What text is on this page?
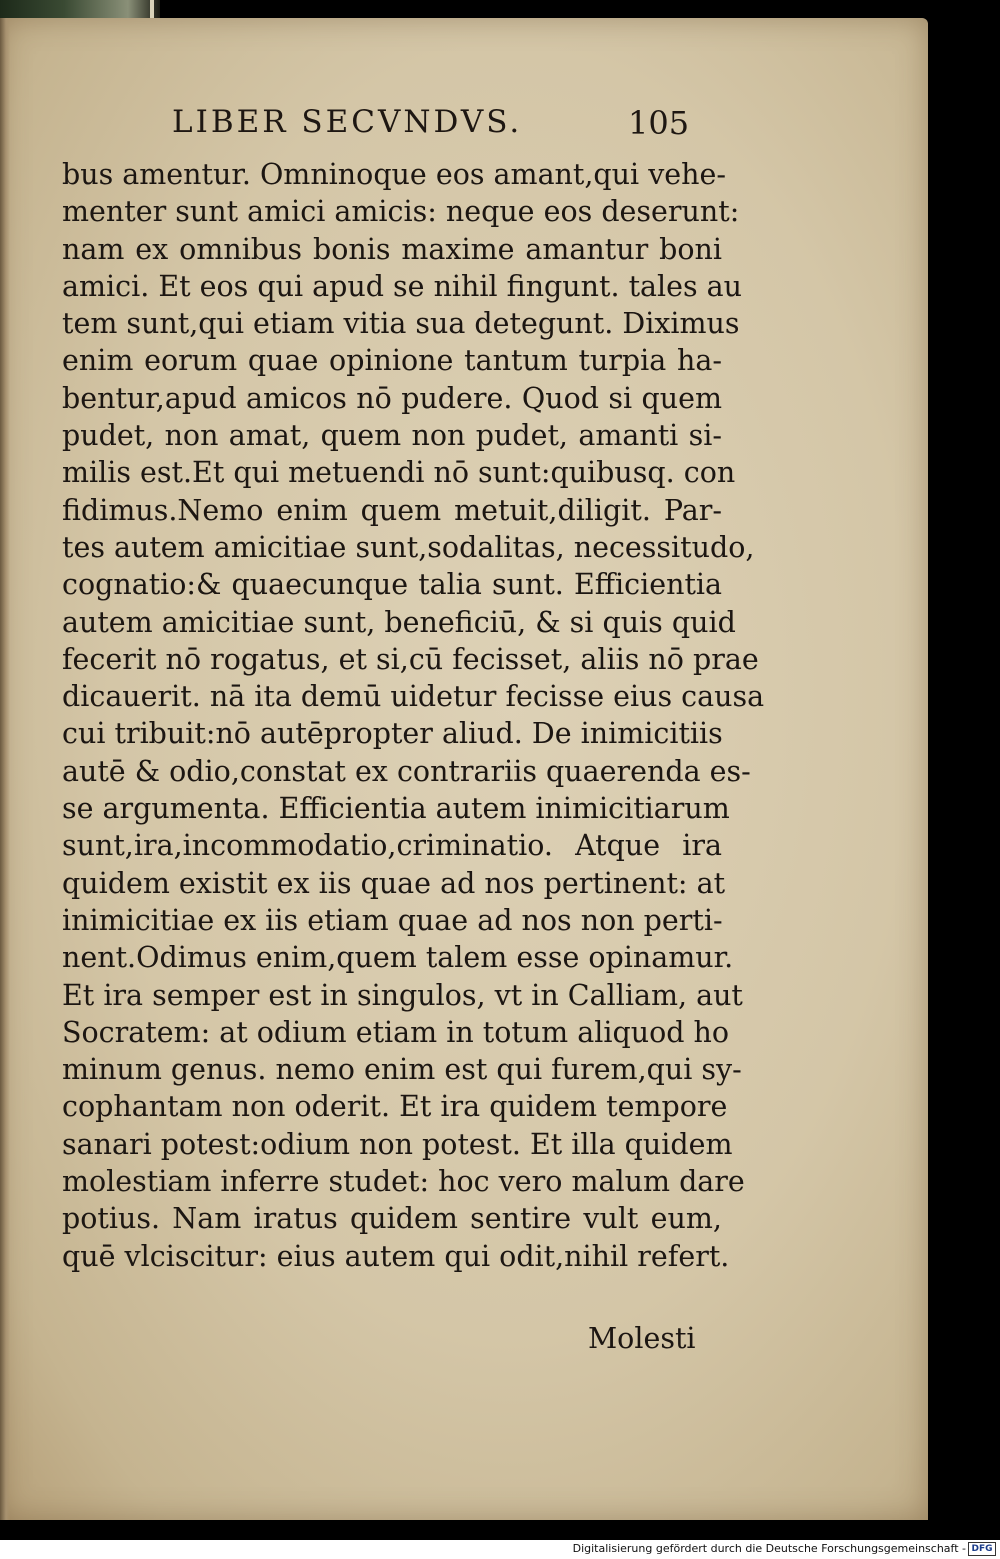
LIBER SECVNDVS.	105
bus amentur. Omninoque eos amant,qui vehe-
menter sunt amici amicis: neque eos deserunt:
nam ex omnibus bonis maxime amantur boni
amici. Et eos qui apud se nihil fingunt. tales au
tem sunt,qui etiam vitia sua detegunt. Diximus
enim eorum quae opinione tantum turpia ha-
bentur,apud amicos nō pudere. Quod si quem
pudet, non amat, quem non pudet, amanti si-
milis est.Et qui metuendi nō sunt:quibusq. con
fidimus.Nemo enim quem metuit,diligit. Par-
tes autem amicitiae sunt,sodalitas, necessitudo,
cognatio:& quaecunque talia sunt. Efficientia
autem amicitiae sunt, beneficiū, & si quis quid
fecerit nō rogatus, et si,cū fecisset, aliis nō prae
dicauerit. nā ita demū uidetur fecisse eius causa
cui tribuit:nō autēpropter aliud. De inimicitiis
autē & odio,constat ex contrariis quaerenda es-
se argumenta. Efficientia autem inimicitiarum
sunt,ira,incommodatio,criminatio. Atque ira
quidem existit ex iis quae ad nos pertinent: at
inimicitiae ex iis etiam quae ad nos non perti-
nent.Odimus enim,quem talem esse opinamur.
Et ira semper est in singulos, vt in Calliam, aut
Socratem: at odium etiam in totum aliquod ho
minum genus. nemo enim est qui furem,qui sy-
cophantam non oderit. Et ira quidem tempore
sanari potest:odium non potest. Et illa quidem
molestiam inferre studet: hoc vero malum dare
potius. Nam iratus quidem sentire vult eum,
quē vlciscitur: eius autem qui odit,nihil refert.
Molesti
Digitalisierung gefördert durch die Deutsche Forschungsgemeinschaft - DFG
